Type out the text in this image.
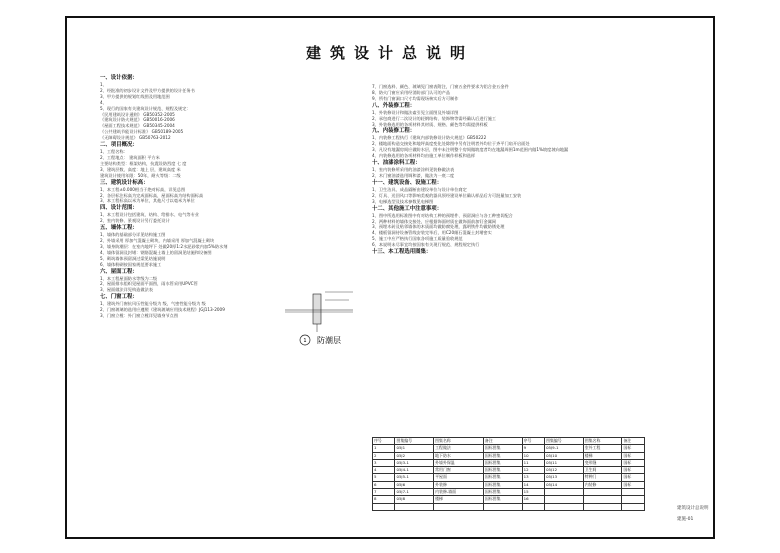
建筑设计总说明
一、设计依据：
1、
2、经批准的初步设计文件及甲方提供的设计任务书
3、甲方提供的规划红线图及用地范围
4、
5、现行的国家有关建筑设计规范、规程及规定：
《民用建筑设计通则》 GB50352-2005
《建筑设计防火规范》 GB50016-2006
《屋面工程技术规范》 GB50345-2004
《公共建筑节能设计标准》 GB50189-2005
《无障碍设计规范》 GB50763-2012
二、项目概况：
1、工程名称：
2、工程地点： 建筑面积 平方米
主要结构类型：框架结构，抗震设防烈度 七 度
3、建筑层数、高度：地上 层，建筑高度 米
建筑设计使用年限：50年，耐火等级：二级
三、建筑设计标高：
1、本工程±0.000相当于绝对标高，详见总图
2、各层标注标高为完成面标高，屋面标高为结构面标高
3、本工程标高以米为单位，其他尺寸以毫米为单位
四、设计范围：
1、本工程设计包括建筑、结构、给排水、电气等专业
2、室内装修、景观设计另行委托设计
五、墙体工程：
1、墙体的基础部分详见结构施工图
2、外墙采用 厚加气混凝土砌块，内墙采用 厚加气混凝土砌块
3、墙身防潮层：在室内地坪下 处做20厚1:2水泥砂浆内加5%防水剂
4、墙体留洞及封堵：钢筋混凝土墙上的留洞见结施和设备图
5、砌筑墙体预留洞过梁见结施说明
6、墙体粉刷按国家规范要求施工
六、屋面工程：
1、本工程屋面防水等级为二级
2、屋面排水组织见屋面平面图，雨水管采用UPVC管
3、屋面做法详见构造做法表
七、门窗工程：
1、建筑外门窗抗风压性能分级为 级，气密性能分级为 级
2、门窗玻璃的选用应遵照《建筑玻璃应用技术规程》JGJ113-2009
3、门窗立樘：外门窗立樘详见墙身节点图
7、门窗选料、颜色、玻璃见门窗表附注，门窗五金件要求为铝合金五金件
8、防火门窗应采用经消防部门认可的产品
9、所有门窗洞口尺寸均需现场核实后方可制作
八、外装修工程：
1、外装修设计和做法索引见立面图及外墙详图
2、承包商进行二次设计的轻钢结构、装饰物等需经确认后进行施工
3、外装修选用的各项材料其材质、规格、颜色等均需提供样板
九、内装修工程：
1、内装修工程执行《建筑内部装修设计防火规范》GB50222
2、楼地面构造交接处和地坪高度变化处除图中另有注明者外均位于齐平门扇开启面处
3、凡设有地漏房间应做防水层，图中未注明整个房间做坡度者均在地漏周围1m范围内做1%坡度坡向地漏
4、内装修选用的各项材料均由施工单位制作样板和选样
十、油漆涂料工程：
1、室内装修所采用的油漆涂料见装修做法表
2、木门窗油漆选用调和漆，做法为一底二度
十一、建筑设备、设施工程：
1、卫生洁具、成品隔断由建设单位与设计单位商定
2、灯具、送回风口等影响美观的器具须经建设单位确认样品后方可批量加工安装
3、电梯选型及技术参数见电梯图
十二、其他施工中注意事项：
1、图中所选用标准图中有对结构工种的预埋件、预留洞应与各工种密切配合
2、两种材料的墙体交接处，应根据饰面材质在做饰面前加钉金属网
3、预埋木砖及贴邻墙体的木质面均做防腐处理，露明铁件均做防锈处理
4、楼板留洞待设备管线安装完毕后，用C20细石混凝土封堵密实
5、施工中应严格执行国家各项施工质量验收规范
6、本说明未尽事宜均按国家有关现行规范、规程规定执行
十三、本工程选用图集：
1 防潮层
序号	图集编号	图集名称	备注	序号	图集编号	图集名称	备注
1	05J1	工程做法	国标图集	9	05J9-1	室外工程	国标
2	05J2	地下防水	国标图集	10	05J10	楼梯	国标
3	05J3-1	外墙外保温	国标图集	11	05J11	变形缝	国标
4	05J4-1	常用门窗	国标图集	12	05J12	卫生间	国标
5	05J5-1	平屋面	国标图集	13	05J13	特种门	国标
6	05J6	外装修	国标图集	14	05J14	内装修	国标
7	05J7-1	内装修-墙面	国标图集	15			
8	05J8	楼梯	国标图集	16			

建筑设计总说明
建施-01
